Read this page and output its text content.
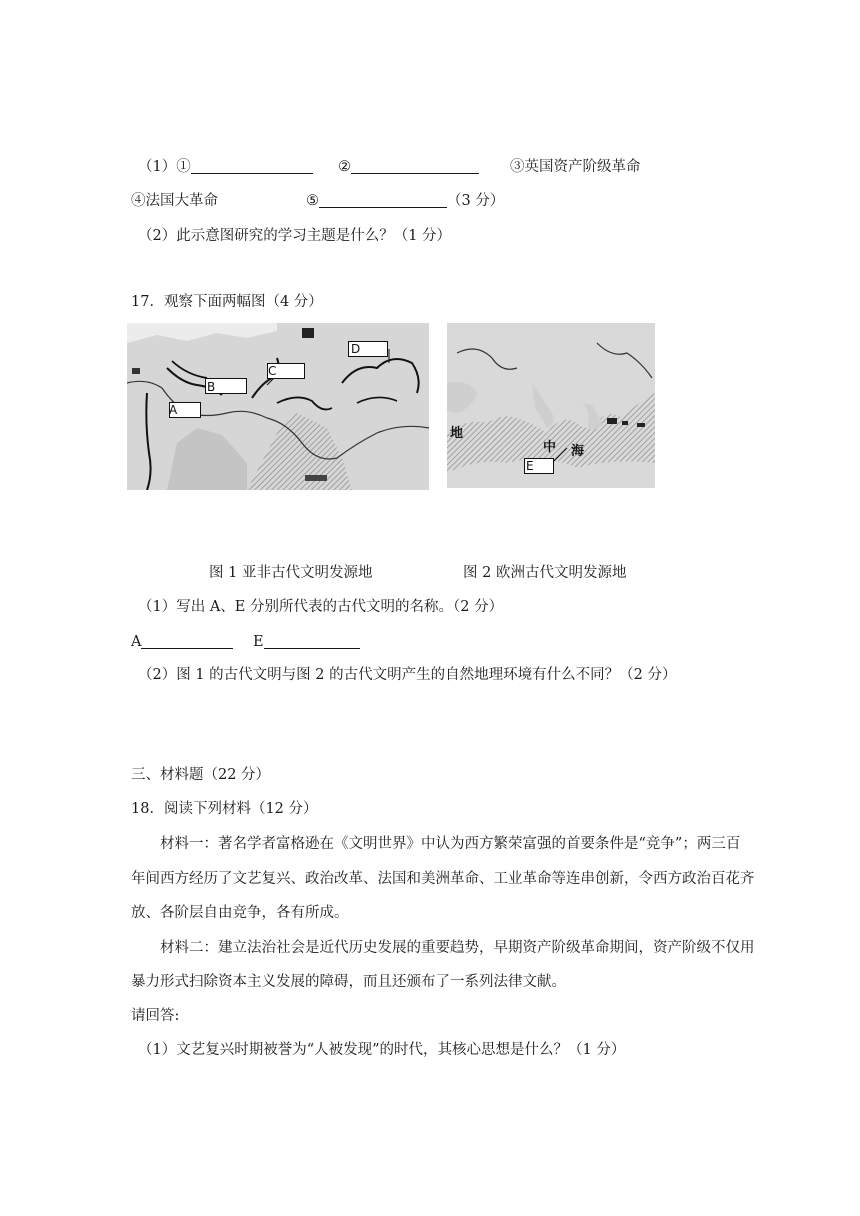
（1）①	②	③英国资产阶级革命
④法国大革命	⑤	（3 分）
（2）此示意图研究的学习主题是什么？（1 分）
17．观察下面两幅图（4 分）
A
B
C
D
地
中 海
E
图 1 亚非古代文明发源地	图 2 欧洲古代文明发源地
（1）写出 A、E 分别所代表的古代文明的名称。（2 分）
A	E
（2）图 1 的古代文明与图 2 的古代文明产生的自然地理环境有什么不同？（2 分）
三、材料题（22 分）
18．阅读下列材料（12 分）
材料一：著名学者富格逊在《文明世界》中认为西方繁荣富强的首要条件是“竞争”；两三百
年间西方经历了文艺复兴、政治改革、法国和美洲革命、工业革命等连串创新，令西方政治百花齐
放、各阶层自由竞争，各有所成。
材料二：建立法治社会是近代历史发展的重要趋势，早期资产阶级革命期间，资产阶级不仅用
暴力形式扫除资本主义发展的障碍，而且还颁布了一系列法律文献。
请回答:
（1）文艺复兴时期被誉为“人被发现”的时代，其核心思想是什么？（1 分）
